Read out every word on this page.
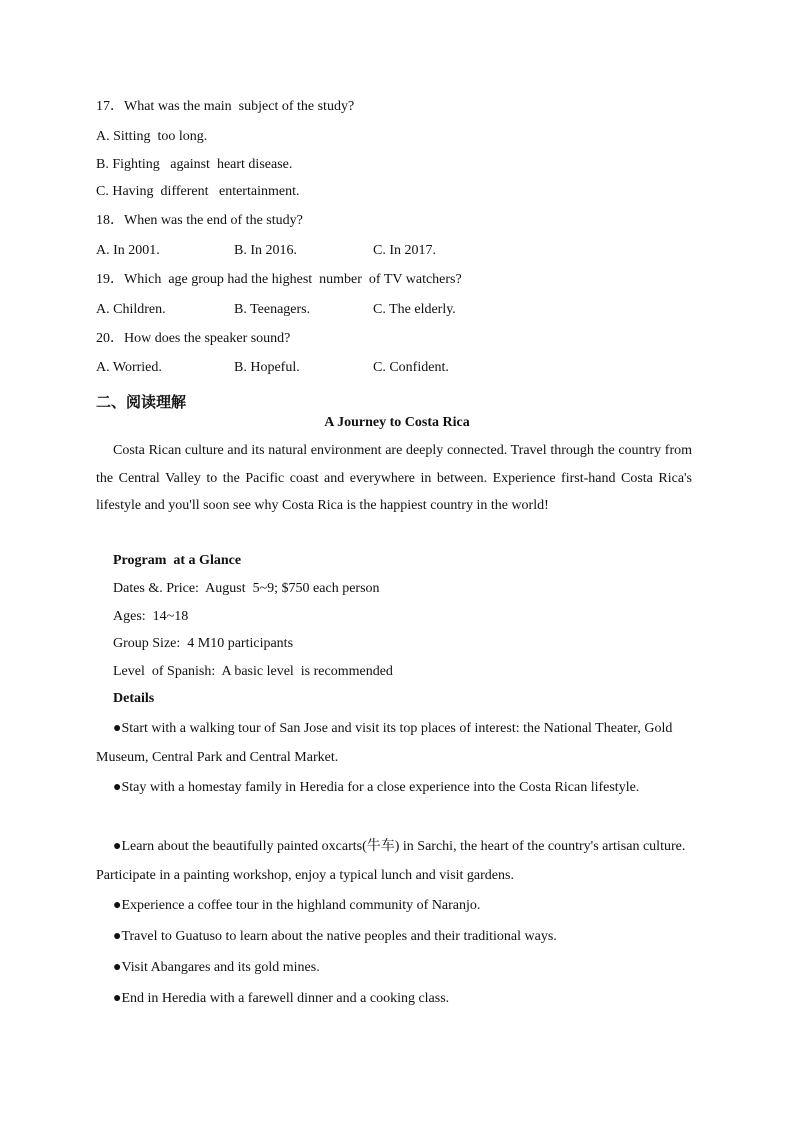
17．What was the main  subject of the study?
A. Sitting  too long.
B. Fighting   against  heart disease.
C. Having  different   entertainment.
18．When was the end of the study?
A. In 2001.	B. In 2016.	C. In 2017.
19．Which  age group had the highest  number  of TV watchers?
A. Children.	B. Teenagers.	C. The elderly.
20．How does the speaker sound?
A. Worried.	B. Hopeful.	C. Confident.
二、阅读理解
A Journey to Costa Rica
Costa Rican culture and its natural environment are deeply connected. Travel through the country from the Central Valley to the Pacific coast and everywhere in between. Experience first-hand Costa Rica's lifestyle and you'll soon see why Costa Rica is the happiest country in the world!
Program  at a Glance
Dates &. Price:  August  5~9; $750 each person
Ages:  14~18
Group Size:  4 M10 participants
Level  of Spanish:  A basic level  is recommended
Details
●Start with a walking tour of San Jose and visit its top places of interest: the National Theater, Gold Museum, Central Park and Central Market.
●Stay with a homestay family in Heredia for a close experience into the Costa Rican lifestyle.
●Learn about the beautifully painted oxcarts(牛车) in Sarchi, the heart of the country's artisan culture. Participate in a painting workshop, enjoy a typical lunch and visit gardens.
●Experience a coffee tour in the highland community of Naranjo.
●Travel to Guatuso to learn about the native peoples and their traditional ways.
●Visit Abangares and its gold mines.
●End in Heredia with a farewell dinner and a cooking class.
